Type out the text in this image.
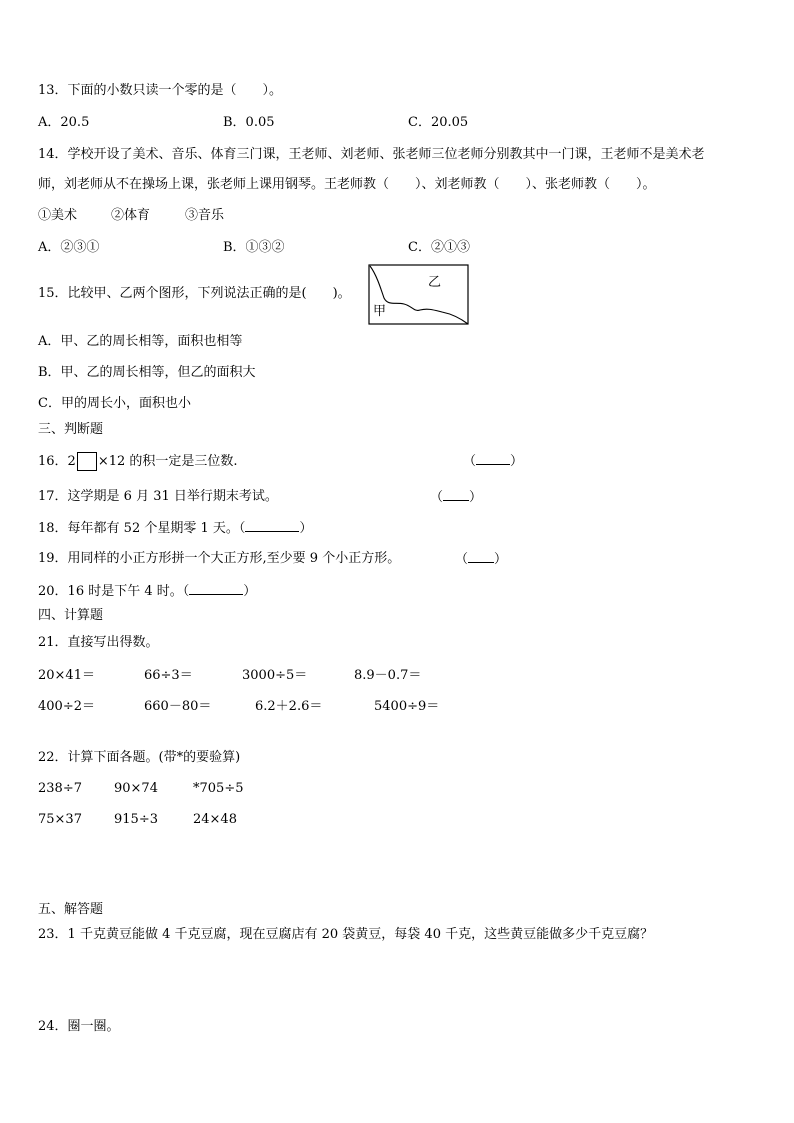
13．下面的小数只读一个零的是（　　）。
A．20.5	B．0.05	C．20.05
14．学校开设了美术、音乐、体育三门课，王老师、刘老师、张老师三位老师分别教其中一门课，王老师不是美术老
师，刘老师从不在操场上课，张老师上课用钢琴。王老师教（　　）、刘老师教（　　）、张老师教（　　）。
①美术	②体育	③音乐
A．②③①	B．①③②	C．②①③
15．比较甲、乙两个图形，下列说法正确的是(　　)。
乙
甲
A．甲、乙的周长相等，面积也相等
B．甲、乙的周长相等，但乙的面积大
C．甲的周长小，面积也小
三、判断题
16．2 ×12 的积一定是三位数.	（	）
17．这学期是 6 月 31 日举行期末考试。	（ ）
18．每年都有 52 个星期零 1 天。（	）
19．用同样的小正方形拼一个大正方形,至少要 9 个小正方形。	（ ）
20．16 时是下午 4 时。（	）
四、计算题
21．直接写出得数。
20×41＝	66÷3＝	3000÷5＝	8.9－0.7＝
400÷2＝	660－80＝	6.2＋2.6＝	5400÷9＝
22．计算下面各题。(带*的要验算)
238÷7 90×74	*705÷5
75×37 915÷3	24×48
五、解答题
23．1 千克黄豆能做 4 千克豆腐，现在豆腐店有 20 袋黄豆，每袋 40 千克，这些黄豆能做多少千克豆腐？
24．圈一圈。
